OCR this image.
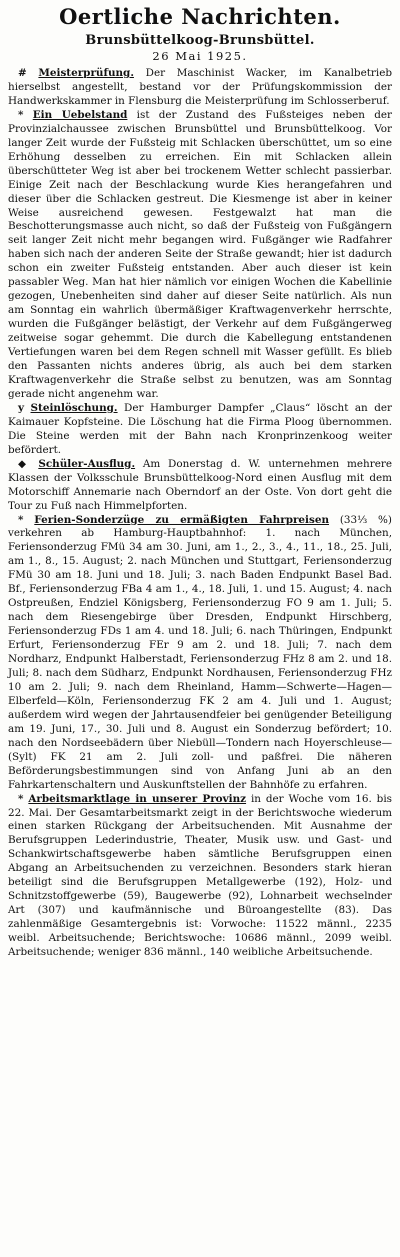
Oertliche Nachrichten.
Brunsbüttelkoog-Brunsbüttel.
26 Mai 1925.

# Meisterprüfung. Der Maschinist Wacker, im Kanalbetrieb hierselbst angestellt, bestand vor der Prüfungskommission der Handwerkskammer in Flensburg die Meisterprüfung im Schlosserberuf.

* Ein Uebelstand ist der Zustand des Fußsteiges neben der Provinzialchaussee zwischen Brunsbüttel und Brunsbüttelkoog. Vor langer Zeit wurde der Fußsteig mit Schlacken überschüttet, um so eine Erhöhung desselben zu erreichen. Ein mit Schlacken allein überschütteter Weg ist aber bei trockenem Wetter schlecht passierbar. Einige Zeit nach der Beschlackung wurde Kies herangefahren und dieser über die Schlacken gestreut. Die Kiesmenge ist aber in keiner Weise ausreichend gewesen. Festgewalzt hat man die Beschotterungsmasse auch nicht, so daß der Fußsteig von Fußgängern seit langer Zeit nicht mehr begangen wird. Fußgänger wie Radfahrer haben sich nach der anderen Seite der Straße gewandt; hier ist dadurch schon ein zweiter Fußsteig entstanden. Aber auch dieser ist kein passabler Weg. Man hat hier nämlich vor einigen Wochen die Kabellinie gezogen, Unebenheiten sind daher auf dieser Seite natürlich. Als nun am Sonntag ein wahrlich übermäßiger Kraftwagenverkehr herrschte, wurden die Fußgänger belästigt, der Verkehr auf dem Fußgängerweg zeitweise sogar gehemmt. Die durch die Kabellegung entstandenen Vertiefungen waren bei dem Regen schnell mit Wasser gefüllt. Es blieb den Passanten nichts anderes übrig, als auch bei dem starken Kraftwagenverkehr die Straße selbst zu benutzen, was am Sonntag gerade nicht angenehm war.

y Steinlöschung. Der Hamburger Dampfer „Claus“ löscht an der Kaimauer Kopfsteine. Die Löschung hat die Firma Ploog übernommen. Die Steine werden mit der Bahn nach Kronprinzenkoog weiter befördert.

◆ Schüler-Ausflug. Am Donerstag d. W. unternehmen mehrere Klassen der Volksschule Brunsbüttelkoog-Nord einen Ausflug mit dem Motorschiff Annemarie nach Oberndorf an der Oste. Von dort geht die Tour zu Fuß nach Himmelpforten.

* Ferien-Sonderzüge zu ermäßigten Fahrpreisen (33⅓ %) verkehren ab Hamburg-Hauptbahnhof: 1. nach München, Feriensonderzug FMü 34 am 30. Juni, am 1., 2., 3., 4., 11., 18., 25. Juli, am 1., 8., 15. August; 2. nach München und Stuttgart, Feriensonderzug FMü 30 am 18. Juni und 18. Juli; 3. nach Baden Endpunkt Basel Bad. Bf., Feriensonderzug FBa 4 am 1., 4., 18. Juli, 1. und 15. August; 4. nach Ostpreußen, Endziel Königsberg, Feriensonderzug FO 9 am 1. Juli; 5. nach dem Riesengebirge über Dresden, Endpunkt Hirschberg, Feriensonderzug FDs 1 am 4. und 18. Juli; 6. nach Thüringen, Endpunkt Erfurt, Feriensonderzug FEr 9 am 2. und 18. Juli; 7. nach dem Nordharz, Endpunkt Halberstadt, Feriensonderzug FHz 8 am 2. und 18. Juli; 8. nach dem Südharz, Endpunkt Nordhausen, Feriensonderzug FHz 10 am 2. Juli; 9. nach dem Rheinland, Hamm—Schwerte—Hagen—Elberfeld—Köln, Feriensonderzug FK 2 am 4. Juli und 1. August; außerdem wird wegen der Jahrtausendfeier bei genügender Beteiligung am 19. Juni, 17., 30. Juli und 8. August ein Sonderzug befördert; 10. nach den Nordseebädern über Niebüll—Tondern nach Hoyerschleuse—(Sylt) FK 21 am 2. Juli zoll- und paßfrei. Die näheren Beförderungsbestimmungen sind von Anfang Juni ab an den Fahrkartenschaltern und Auskunftstellen der Bahnhöfe zu erfahren.

* Arbeitsmarktlage in unserer Provinz in der Woche vom 16. bis 22. Mai. Der Gesamtarbeitsmarkt zeigt in der Berichtswoche wiederum einen starken Rückgang der Arbeitsuchenden. Mit Ausnahme der Berufsgruppen Lederindustrie, Theater, Musik usw. und Gast- und Schankwirtschaftsgewerbe haben sämtliche Berufsgruppen einen Abgang an Arbeitsuchenden zu verzeichnen. Besonders stark hieran beteiligt sind die Berufsgruppen Metallgewerbe (192), Holz- und Schnitzstoffgewerbe (59), Baugewerbe (92), Lohnarbeit wechselnder Art (307) und kaufmännische und Büroangestellte (83). Das zahlenmäßige Gesamtergebnis ist: Vorwoche: 11522 männl., 2235 weibl. Arbeitsuchende; Berichtswoche: 10686 männl., 2099 weibl. Arbeitsuchende; weniger 836 männl., 140 weibliche Arbeitsuchende.
